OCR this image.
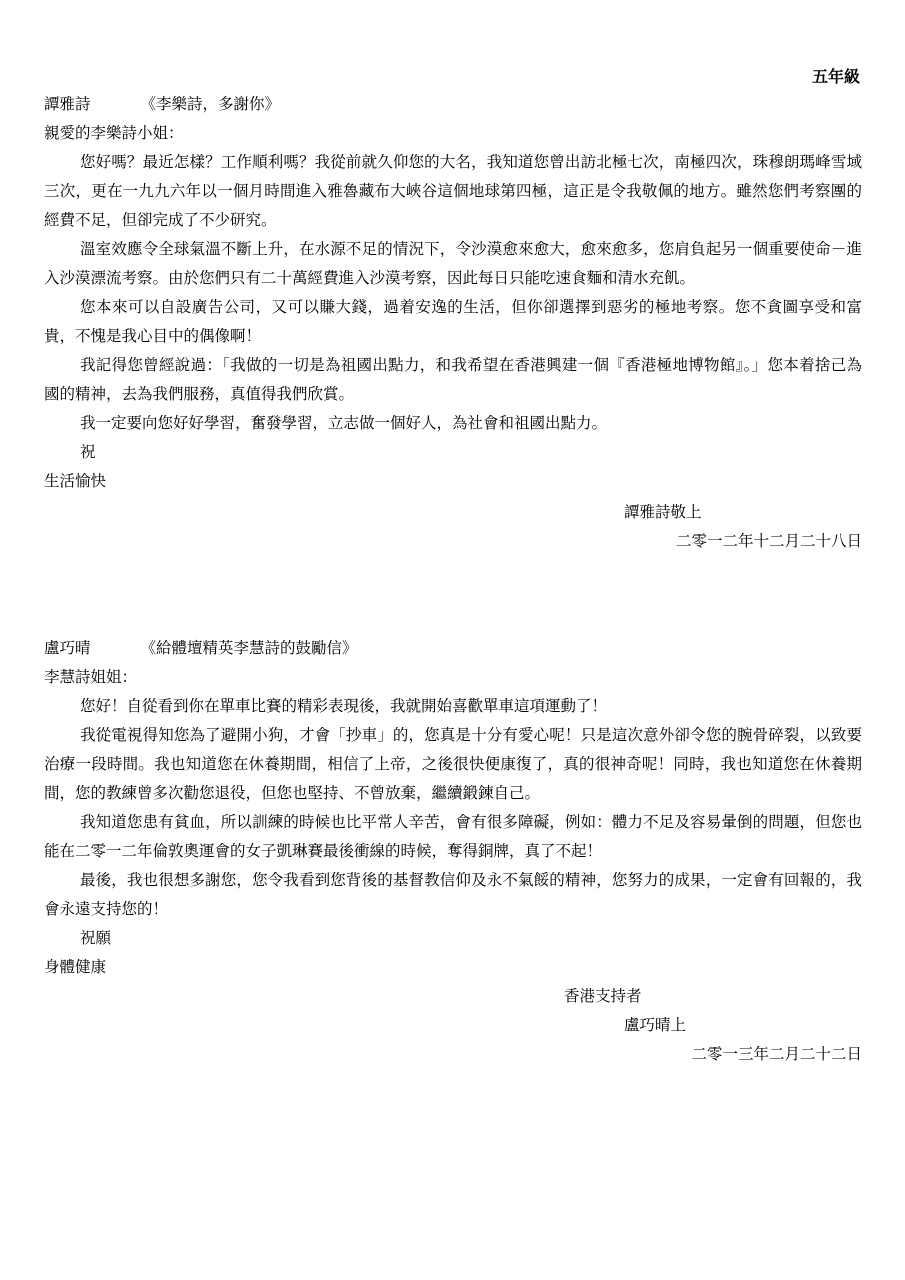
五年級
譚雅詩	《李樂詩，多謝你》
親愛的李樂詩小姐：

您好嗎？最近怎樣？工作順利嗎？我從前就久仰您的大名，我知道您曾出訪北極七次，南極四次，珠穆朗瑪峰雪域三次，更在一九九六年以一個月時間進入雅魯藏布大峽谷這個地球第四極，這正是令我敬佩的地方。雖然您們考察團的經費不足，但卻完成了不少研究。

溫室效應令全球氣溫不斷上升，在水源不足的情況下，令沙漠愈來愈大，愈來愈多，您肩負起另一個重要使命－進入沙漠漂流考察。由於您們只有二十萬經費進入沙漠考察，因此每日只能吃速食麵和清水充飢。

您本來可以自設廣告公司，又可以賺大錢，過着安逸的生活，但你卻選擇到惡劣的極地考察。您不貪圖享受和富貴，不愧是我心目中的偶像啊！

我記得您曾經說過：「我做的一切是為祖國出點力，和我希望在香港興建一個『香港極地博物館』。」您本着捨己為國的精神，去為我們服務，真值得我們欣賞。

我一定要向您好好學習，奮發學習，立志做一個好人，為社會和祖國出點力。

祝
生活愉快
譚雅詩敬上
二零一二年十二月二十八日
盧巧晴	《給體壇精英李慧詩的鼓勵信》
李慧詩姐姐：

您好！自從看到你在單車比賽的精彩表現後，我就開始喜歡單車這項運動了！

我從電視得知您為了避開小狗，才會「抄車」的，您真是十分有愛心呢！只是這次意外卻令您的腕骨碎裂，以致要治療一段時間。我也知道您在休養期間，相信了上帝，之後很快便康復了，真的很神奇呢！同時，我也知道您在休養期間，您的教練曾多次勸您退役，但您也堅持、不曾放棄，繼續鍛鍊自己。

我知道您患有貧血，所以訓練的時候也比平常人辛苦，會有很多障礙，例如：體力不足及容易暈倒的問題，但您也能在二零一二年倫敦奧運會的女子凱琳賽最後衝線的時候，奪得銅牌，真了不起！

最後，我也很想多謝您，您令我看到您背後的基督教信仰及永不氣餒的精神，您努力的成果，一定會有回報的，我會永遠支持您的！

祝願
身體健康
香港支持者
盧巧晴上
二零一三年二月二十二日
